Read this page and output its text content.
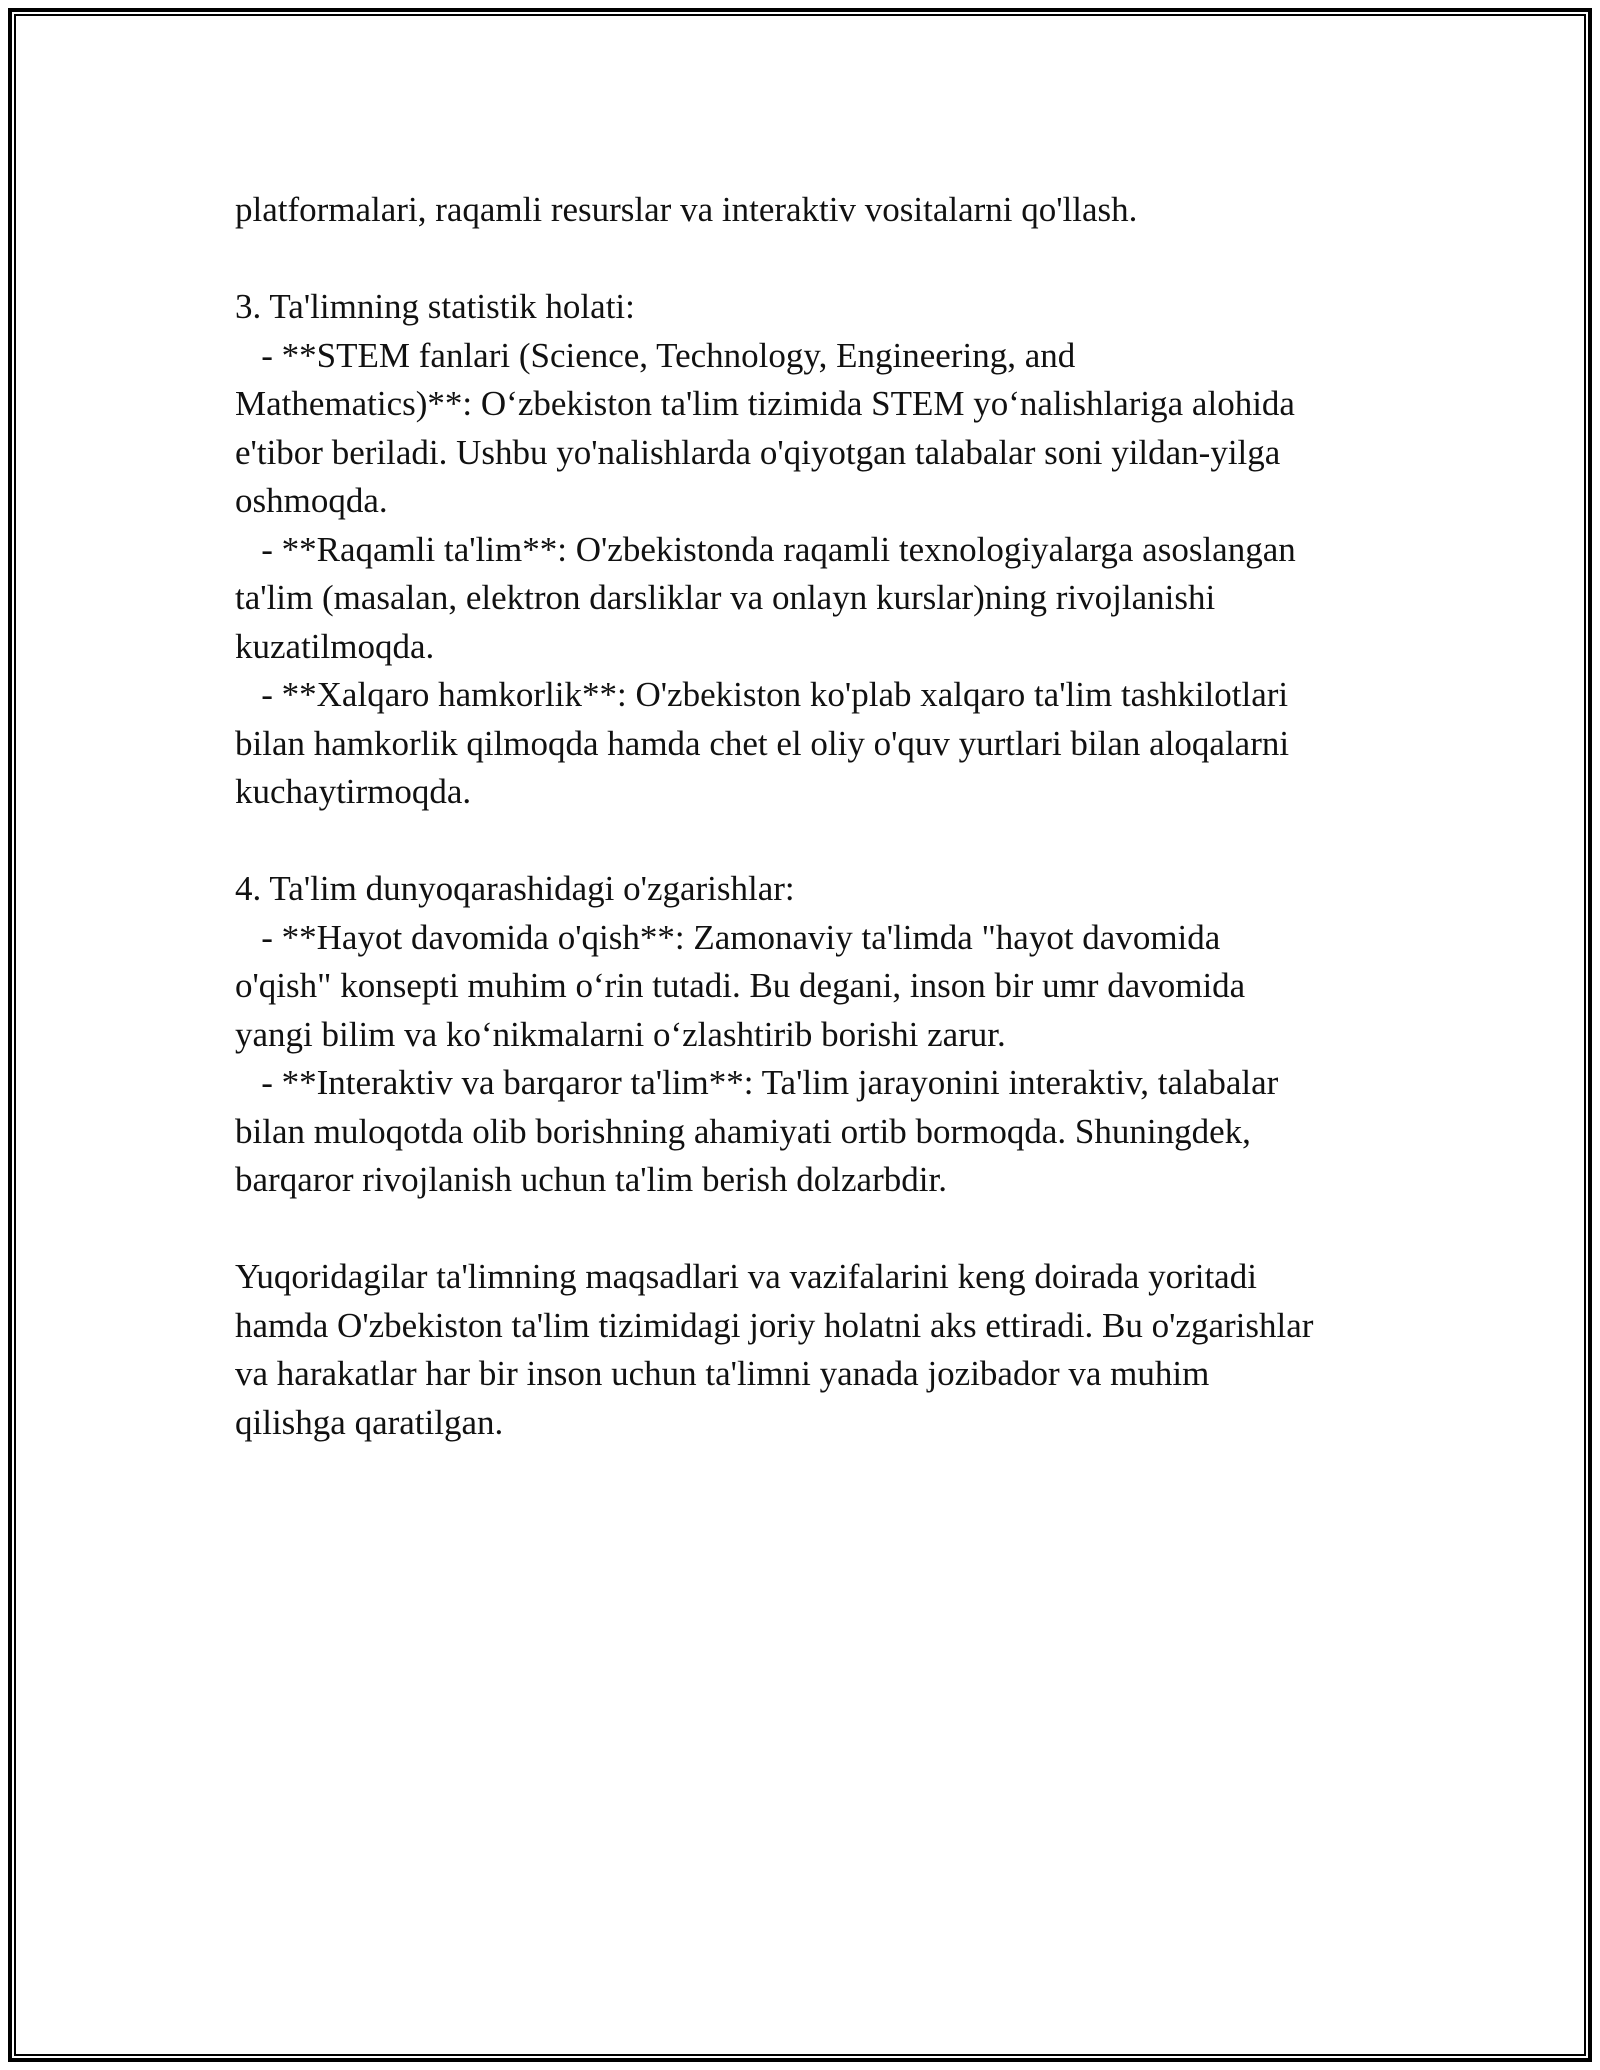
platformalari, raqamli resurslar va interaktiv vositalarni qo'llash.
3. Ta'limning statistik holati:
- **STEM fanlari (Science, Technology, Engineering, and
Mathematics)**: O‘zbekiston ta'lim tizimida STEM yo‘nalishlariga alohida
e'tibor beriladi. Ushbu yo'nalishlarda o'qiyotgan talabalar soni yildan-yilga
oshmoqda.
- **Raqamli ta'lim**: O'zbekistonda raqamli texnologiyalarga asoslangan
ta'lim (masalan, elektron darsliklar va onlayn kurslar)ning rivojlanishi
kuzatilmoqda.
- **Xalqaro hamkorlik**: O'zbekiston ko'plab xalqaro ta'lim tashkilotlari
bilan hamkorlik qilmoqda hamda chet el oliy o'quv yurtlari bilan aloqalarni
kuchaytirmoqda.
4. Ta'lim dunyoqarashidagi o'zgarishlar:
- **Hayot davomida o'qish**: Zamonaviy ta'limda "hayot davomida
o'qish" konsepti muhim o‘rin tutadi. Bu degani, inson bir umr davomida
yangi bilim va ko‘nikmalarni o‘zlashtirib borishi zarur.
- **Interaktiv va barqaror ta'lim**: Ta'lim jarayonini interaktiv, talabalar
bilan muloqotda olib borishning ahamiyati ortib bormoqda. Shuningdek,
barqaror rivojlanish uchun ta'lim berish dolzarbdir.
Yuqoridagilar ta'limning maqsadlari va vazifalarini keng doirada yoritadi
hamda O'zbekiston ta'lim tizimidagi joriy holatni aks ettiradi. Bu o'zgarishlar
va harakatlar har bir inson uchun ta'limni yanada jozibador va muhim
qilishga qaratilgan.
